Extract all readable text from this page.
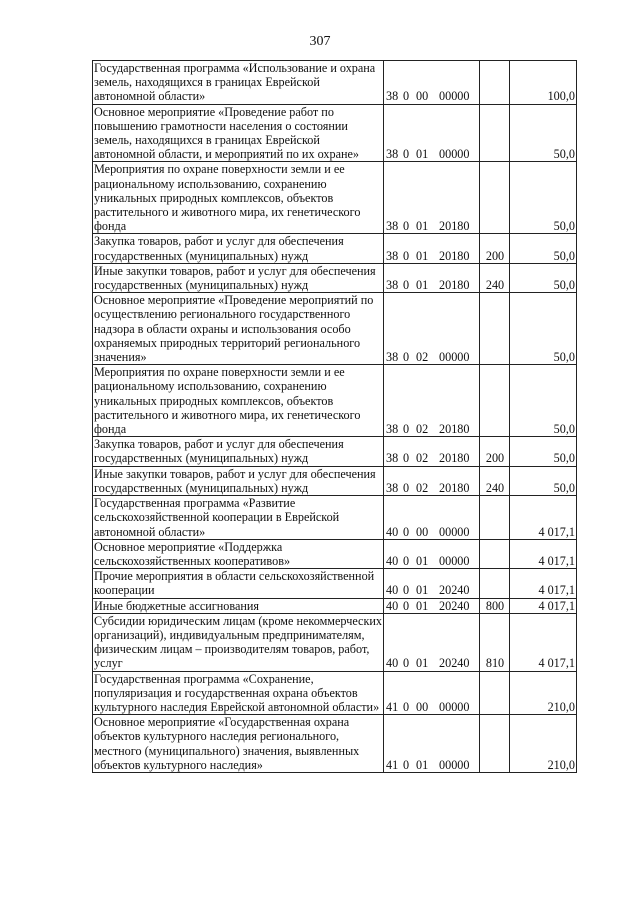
307
Государственная программа «Использование и охрана земель, находящихся в границах Еврейской автономной области»	38 0 00 00000		100,0
Основное мероприятие «Проведение работ по повышению грамотности населения о состоянии земель, находящихся в границах Еврейской автономной области, и мероприятий по их охране»	38 0 01 00000		50,0
Мероприятия по охране поверхности земли и ее рациональному использованию, сохранению уникальных природных комплексов, объектов растительного и животного мира, их генетического фонда	38 0 01 20180		50,0
Закупка товаров, работ и услуг для обеспечения государственных (муниципальных) нужд	38 0 01 20180	200	50,0
Иные закупки товаров, работ и услуг для обеспечения государственных (муниципальных) нужд	38 0 01 20180	240	50,0
Основное мероприятие «Проведение мероприятий по осуществлению регионального государственного надзора в области охраны и использования особо охраняемых природных территорий регионального значения»	38 0 02 00000		50,0
Мероприятия по охране поверхности земли и ее рациональному использованию, сохранению уникальных природных комплексов, объектов растительного и животного мира, их генетического фонда	38 0 02 20180		50,0
Закупка товаров, работ и услуг для обеспечения государственных (муниципальных) нужд	38 0 02 20180	200	50,0
Иные закупки товаров, работ и услуг для обеспечения государственных (муниципальных) нужд	38 0 02 20180	240	50,0
Государственная программа «Развитие сельскохозяйственной кооперации в Еврейской автономной области»	40 0 00 00000		4 017,1
Основное мероприятие «Поддержка сельскохозяйственных кооперативов»	40 0 01 00000		4 017,1
Прочие мероприятия в области сельскохозяйственной кооперации	40 0 01 20240		4 017,1
Иные бюджетные ассигнования	40 0 01 20240	800	4 017,1
Субсидии юридическим лицам (кроме некоммерческих организаций), индивидуальным предпринимателям, физическим лицам – производителям товаров, работ, услуг	40 0 01 20240	810	4 017,1
Государственная программа «Сохранение, популяризация и государственная охрана объектов культурного наследия Еврейской автономной области»	41 0 00 00000		210,0
Основное мероприятие «Государственная охрана объектов культурного наследия регионального, местного (муниципального) значения, выявленных объектов культурного наследия»	41 0 01 00000		210,0
